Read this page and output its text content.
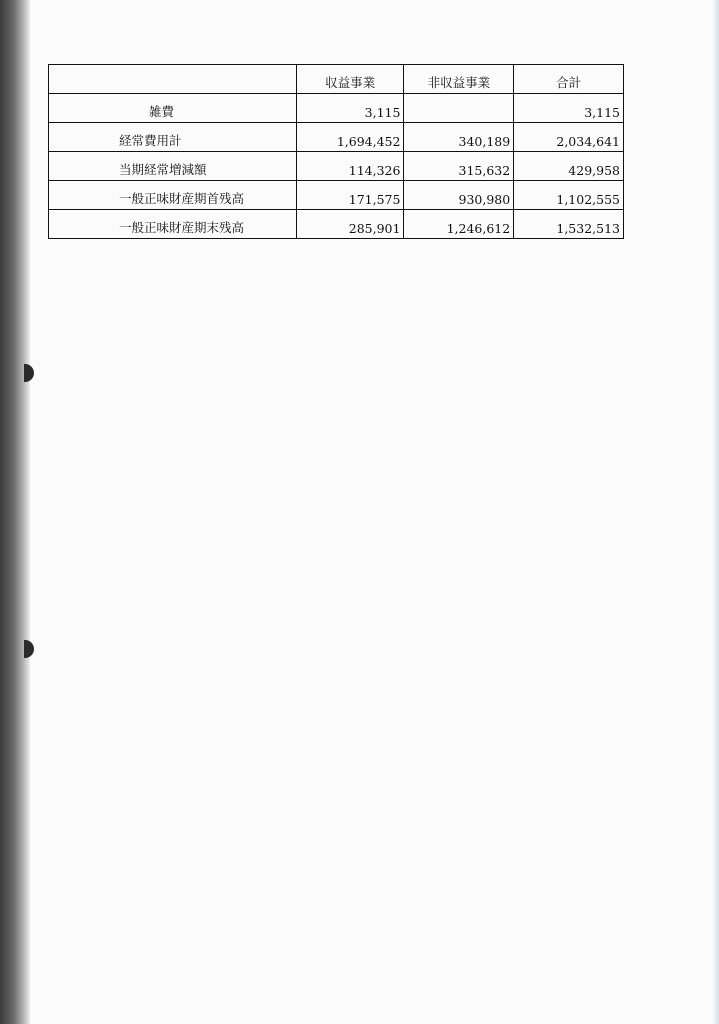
	収益事業	非収益事業	合計
雑費	3,115		3,115
経常費用計	1,694,452	340,189	2,034,641
当期経常増減額	114,326	315,632	429,958
一般正味財産期首残高	171,575	930,980	1,102,555
一般正味財産期末残高	285,901	1,246,612	1,532,513
